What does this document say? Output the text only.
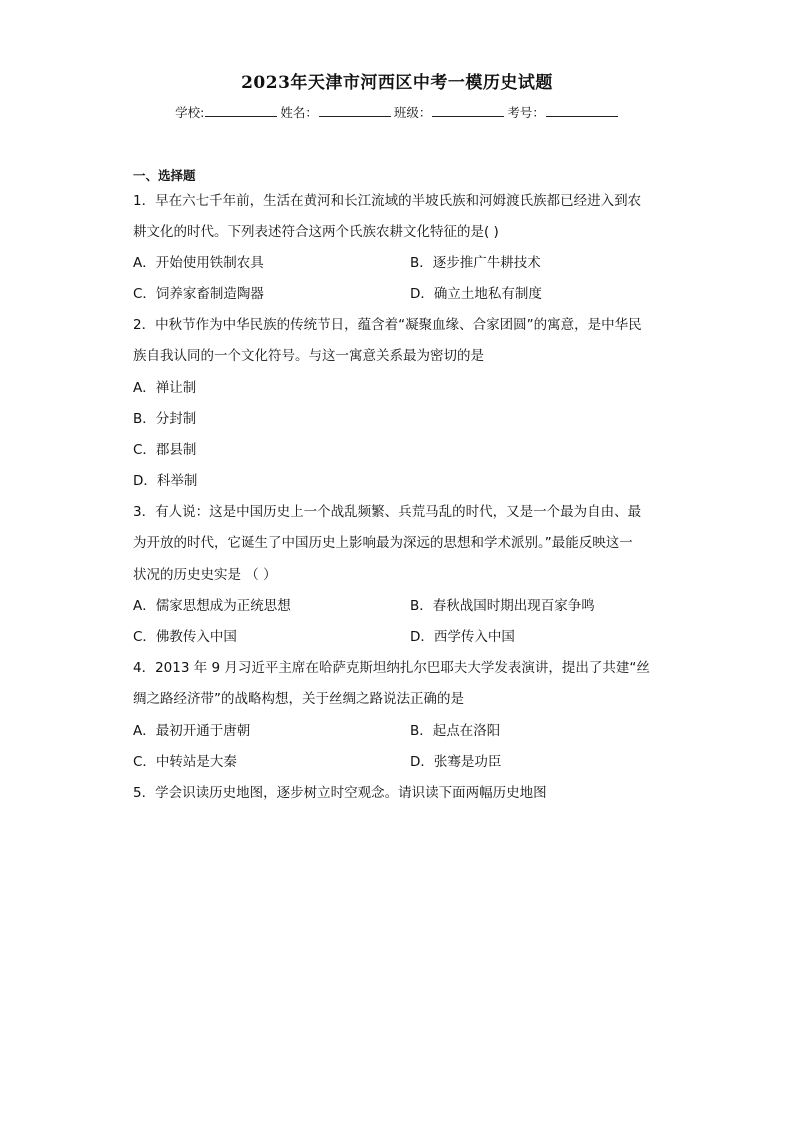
2023年天津市河西区中考一模历史试题
学校:	姓名：	班级：	考号：
一、选择题
1．早在六七千年前，生活在黄河和长江流域的半坡氏族和河姆渡氏族都已经进入到农
耕文化的时代。下列表述符合这两个氏族农耕文化特征的是( )
A．开始使用铁制农具	B．逐步推广牛耕技术
C．饲养家畜制造陶器	D．确立土地私有制度
2．中秋节作为中华民族的传统节日，蕴含着“凝聚血缘、合家团圆”的寓意，是中华民
族自我认同的一个文化符号。与这一寓意关系最为密切的是
A．禅让制
B．分封制
C．郡县制
D．科举制
3．有人说：这是中国历史上一个战乱频繁、兵荒马乱的时代，又是一个最为自由、最
为开放的时代，它诞生了中国历史上影响最为深远的思想和学术派别。”最能反映这一
状况的历史史实是 （ ）
A．儒家思想成为正统思想	B．春秋战国时期出现百家争鸣
C．佛教传入中国	D．西学传入中国
4．2013 年 9 月习近平主席在哈萨克斯坦纳扎尔巴耶夫大学发表演讲，提出了共建“丝
绸之路经济带”的战略构想，关于丝绸之路说法正确的是
A．最初开通于唐朝	B．起点在洛阳
C．中转站是大秦	D．张骞是功臣
5．学会识读历史地图，逐步树立时空观念。请识读下面两幅历史地图
